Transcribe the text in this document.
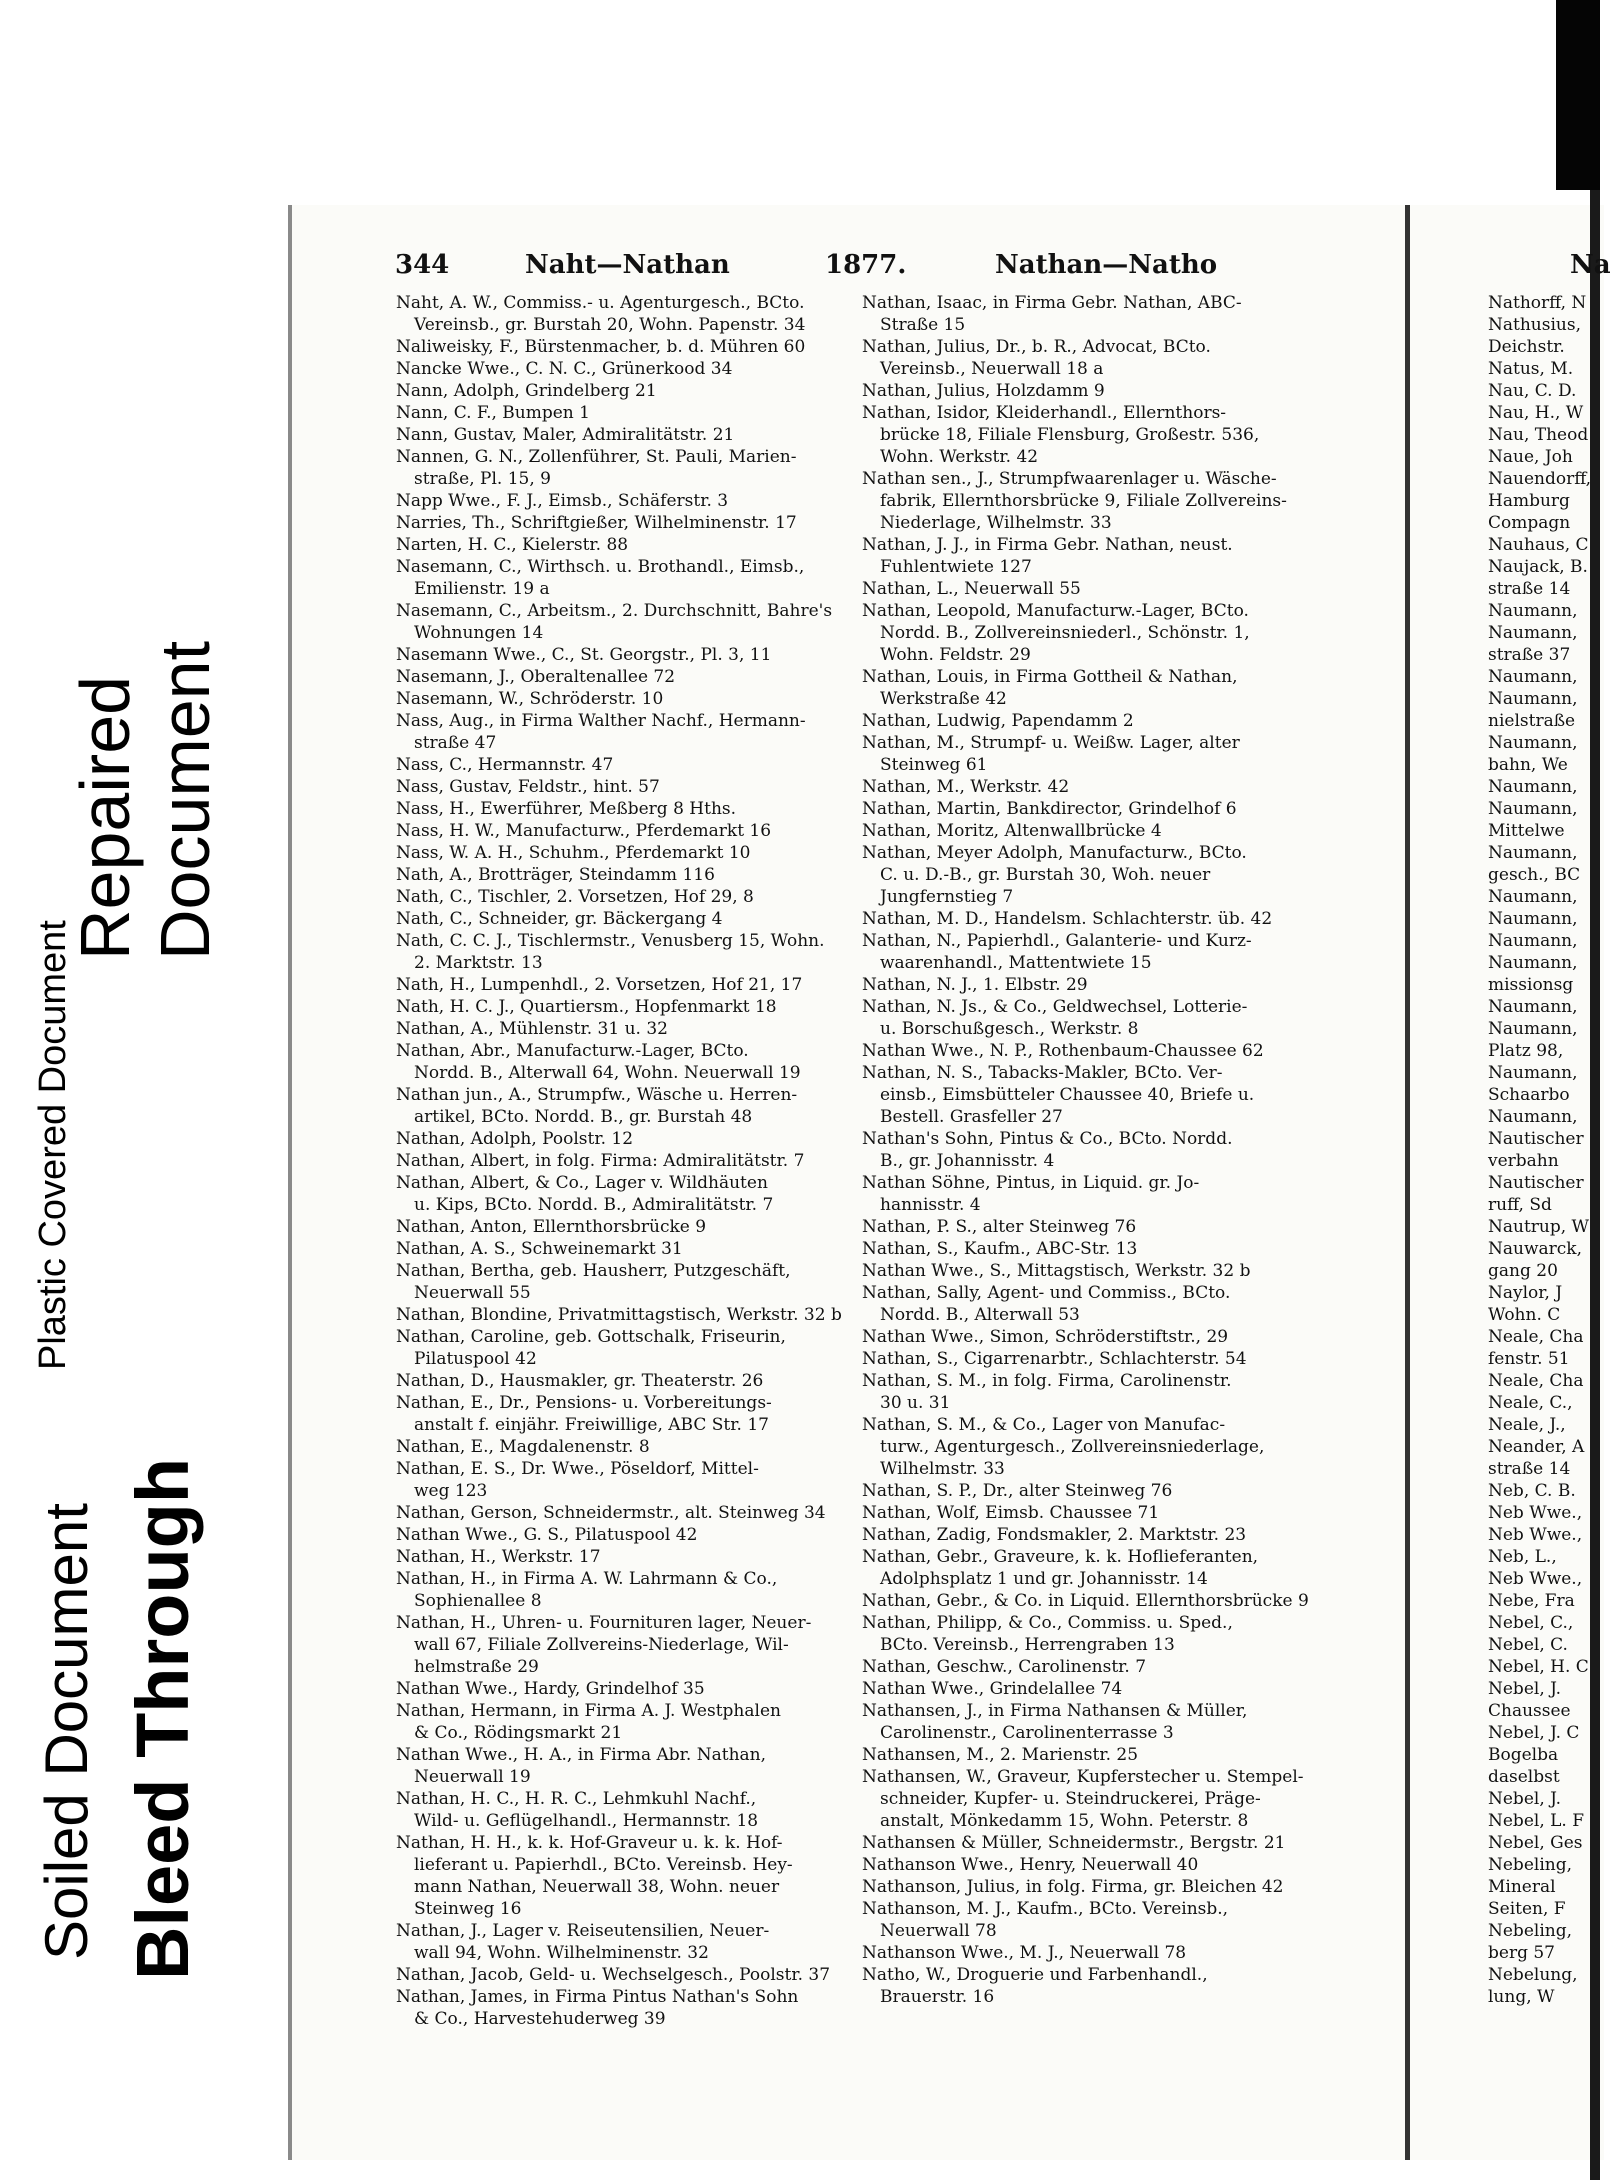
Plastic Covered Document
Repaired Document
Soiled Document Bleed Through
344	Naht—Nathan	1877.	Nathan—Natho	Na
Naht, A. W., Commiss.- u. Agenturgesch., BCto.
Vereinsb., gr. Burstah 20, Wohn. Papenstr. 34
Naliweisky, F., Bürstenmacher, b. d. Mühren 60
Nancke Wwe., C. N. C., Grünerkood 34
Nann, Adolph, Grindelberg 21
Nann, C. F., Bumpen 1
Nann, Gustav, Maler, Admiralitätstr. 21
Nannen, G. N., Zollenführer, St. Pauli, Marien-
straße, Pl. 15, 9
Napp Wwe., F. J., Eimsb., Schäferstr. 3
Narries, Th., Schriftgießer, Wilhelminenstr. 17
Narten, H. C., Kielerstr. 88
Nasemann, C., Wirthsch. u. Brothandl., Eimsb.,
Emilienstr. 19 a
Nasemann, C., Arbeitsm., 2. Durchschnitt, Bahre's
Wohnungen 14
Nasemann Wwe., C., St. Georgstr., Pl. 3, 11
Nasemann, J., Oberaltenallee 72
Nasemann, W., Schröderstr. 10
Nass, Aug., in Firma Walther Nachf., Hermann-
straße 47
Nass, C., Hermannstr. 47
Nass, Gustav, Feldstr., hint. 57
Nass, H., Ewerführer, Meßberg 8 Hths.
Nass, H. W., Manufacturw., Pferdemarkt 16
Nass, W. A. H., Schuhm., Pferdemarkt 10
Nath, A., Brotträger, Steindamm 116
Nath, C., Tischler, 2. Vorsetzen, Hof 29, 8
Nath, C., Schneider, gr. Bäckergang 4
Nath, C. C. J., Tischlermstr., Venusberg 15, Wohn.
2. Marktstr. 13
Nath, H., Lumpenhdl., 2. Vorsetzen, Hof 21, 17
Nath, H. C. J., Quartiersm., Hopfenmarkt 18
Nathan, A., Mühlenstr. 31 u. 32
Nathan, Abr., Manufacturw.-Lager, BCto.
Nordd. B., Alterwall 64, Wohn. Neuerwall 19
Nathan jun., A., Strumpfw., Wäsche u. Herren-
artikel, BCto. Nordd. B., gr. Burstah 48
Nathan, Adolph, Poolstr. 12
Nathan, Albert, in folg. Firma: Admiralitätstr. 7
Nathan, Albert, & Co., Lager v. Wildhäuten
u. Kips, BCto. Nordd. B., Admiralitätstr. 7
Nathan, Anton, Ellernthorsbrücke 9
Nathan, A. S., Schweinemarkt 31
Nathan, Bertha, geb. Hausherr, Putzgeschäft,
Neuerwall 55
Nathan, Blondine, Privatmittagstisch, Werkstr. 32 b
Nathan, Caroline, geb. Gottschalk, Friseurin,
Pilatuspool 42
Nathan, D., Hausmakler, gr. Theaterstr. 26
Nathan, E., Dr., Pensions- u. Vorbereitungs-
anstalt f. einjähr. Freiwillige, ABC Str. 17
Nathan, E., Magdalenenstr. 8
Nathan, E. S., Dr. Wwe., Pöseldorf, Mittel-
weg 123
Nathan, Gerson, Schneidermstr., alt. Steinweg 34
Nathan Wwe., G. S., Pilatuspool 42
Nathan, H., Werkstr. 17
Nathan, H., in Firma A. W. Lahrmann & Co.,
Sophienallee 8
Nathan, H., Uhren- u. Fournituren lager, Neuer-
wall 67, Filiale Zollvereins-Niederlage, Wil-
helmstraße 29
Nathan Wwe., Hardy, Grindelhof 35
Nathan, Hermann, in Firma A. J. Westphalen
& Co., Rödingsmarkt 21
Nathan Wwe., H. A., in Firma Abr. Nathan,
Neuerwall 19
Nathan, H. C., H. R. C., Lehmkuhl Nachf.,
Wild- u. Geflügelhandl., Hermannstr. 18
Nathan, H. H., k. k. Hof-Graveur u. k. k. Hof-
lieferant u. Papierhdl., BCto. Vereinsb. Hey-
mann Nathan, Neuerwall 38, Wohn. neuer
Steinweg 16
Nathan, J., Lager v. Reiseutensilien, Neuer-
wall 94, Wohn. Wilhelminenstr. 32
Nathan, Jacob, Geld- u. Wechselgesch., Poolstr. 37
Nathan, James, in Firma Pintus Nathan's Sohn
& Co., Harvestehuderweg 39
Nathan, Isaac, in Firma Gebr. Nathan, ABC-
Straße 15
Nathan, Julius, Dr., b. R., Advocat, BCto.
Vereinsb., Neuerwall 18 a
Nathan, Julius, Holzdamm 9
Nathan, Isidor, Kleiderhandl., Ellernthors-
brücke 18, Filiale Flensburg, Großestr. 536,
Wohn. Werkstr. 42
Nathan sen., J., Strumpfwaarenlager u. Wäsche-
fabrik, Ellernthorsbrücke 9, Filiale Zollvereins-
Niederlage, Wilhelmstr. 33
Nathan, J. J., in Firma Gebr. Nathan, neust.
Fuhlentwiete 127
Nathan, L., Neuerwall 55
Nathan, Leopold, Manufacturw.-Lager, BCto.
Nordd. B., Zollvereinsniederl., Schönstr. 1,
Wohn. Feldstr. 29
Nathan, Louis, in Firma Gottheil & Nathan,
Werkstraße 42
Nathan, Ludwig, Papendamm 2
Nathan, M., Strumpf- u. Weißw. Lager, alter
Steinweg 61
Nathan, M., Werkstr. 42
Nathan, Martin, Bankdirector, Grindelhof 6
Nathan, Moritz, Altenwallbrücke 4
Nathan, Meyer Adolph, Manufacturw., BCto.
C. u. D.-B., gr. Burstah 30, Woh. neuer
Jungfernstieg 7
Nathan, M. D., Handelsm. Schlachterstr. üb. 42
Nathan, N., Papierhdl., Galanterie- und Kurz-
waarenhandl., Mattentwiete 15
Nathan, N. J., 1. Elbstr. 29
Nathan, N. Js., & Co., Geldwechsel, Lotterie-
u. Borschußgesch., Werkstr. 8
Nathan Wwe., N. P., Rothenbaum-Chaussee 62
Nathan, N. S., Tabacks-Makler, BCto. Ver-
einsb., Eimsbütteler Chaussee 40, Briefe u.
Bestell. Grasfeller 27
Nathan's Sohn, Pintus & Co., BCto. Nordd.
B., gr. Johannisstr. 4
Nathan Söhne, Pintus, in Liquid. gr. Jo-
hannisstr. 4
Nathan, P. S., alter Steinweg 76
Nathan, S., Kaufm., ABC-Str. 13
Nathan Wwe., S., Mittagstisch, Werkstr. 32 b
Nathan, Sally, Agent- und Commiss., BCto.
Nordd. B., Alterwall 53
Nathan Wwe., Simon, Schröderstiftstr., 29
Nathan, S., Cigarrenarbtr., Schlachterstr. 54
Nathan, S. M., in folg. Firma, Carolinenstr.
30 u. 31
Nathan, S. M., & Co., Lager von Manufac-
turw., Agenturgesch., Zollvereinsniederlage,
Wilhelmstr. 33
Nathan, S. P., Dr., alter Steinweg 76
Nathan, Wolf, Eimsb. Chaussee 71
Nathan, Zadig, Fondsmakler, 2. Marktstr. 23
Nathan, Gebr., Graveure, k. k. Hoflieferanten,
Adolphsplatz 1 und gr. Johannisstr. 14
Nathan, Gebr., & Co. in Liquid. Ellernthorsbrücke 9
Nathan, Philipp, & Co., Commiss. u. Sped.,
BCto. Vereinsb., Herrengraben 13
Nathan, Geschw., Carolinenstr. 7
Nathan Wwe., Grindelallee 74
Nathansen, J., in Firma Nathansen & Müller,
Carolinenstr., Carolinenterrasse 3
Nathansen, M., 2. Marienstr. 25
Nathansen, W., Graveur, Kupferstecher u. Stempel-
schneider, Kupfer- u. Steindruckerei, Präge-
anstalt, Mönkedamm 15, Wohn. Peterstr. 8
Nathansen & Müller, Schneidermstr., Bergstr. 21
Nathanson Wwe., Henry, Neuerwall 40
Nathanson, Julius, in folg. Firma, gr. Bleichen 42
Nathanson, M. J., Kaufm., BCto. Vereinsb.,
Neuerwall 78
Nathanson Wwe., M. J., Neuerwall 78
Natho, W., Droguerie und Farbenhandl.,
Brauerstr. 16
Nathorff, N
Nathusius,
Deichstr.
Natus, M.
Nau, C. D.
Nau, H., W
Nau, Theod
Naue, Joh
Nauendorff,
Hamburg
Compagn
Nauhaus, C
Naujack, B.
straße 14
Naumann,
Naumann,
straße 37
Naumann,
Naumann,
nielstraße
Naumann,
bahn, We
Naumann,
Naumann,
Mittelwe
Naumann,
gesch., BC
Naumann,
Naumann,
Naumann,
Naumann,
missionsg
Naumann,
Naumann,
Platz 98,
Naumann,
Schaarbo
Naumann,
Nautischer
verbahn
Nautischer
ruff, Sd
Nautrup, W
Nauwarck,
gang 20
Naylor, J
Wohn. C
Neale, Cha
fenstr. 51
Neale, Cha
Neale, C.,
Neale, J.,
Neander, A
straße 14
Neb, C. B.
Neb Wwe.,
Neb Wwe.,
Neb, L.,
Neb Wwe.,
Nebe, Fra
Nebel, C.,
Nebel, C.
Nebel, H. C
Nebel, J.
Chaussee
Nebel, J. C
Bogelba
daselbst
Nebel, J.
Nebel, L. F
Nebel, Ges
Nebeling,
Mineral
Seiten, F
Nebeling,
berg 57
Nebelung,
lung, W
